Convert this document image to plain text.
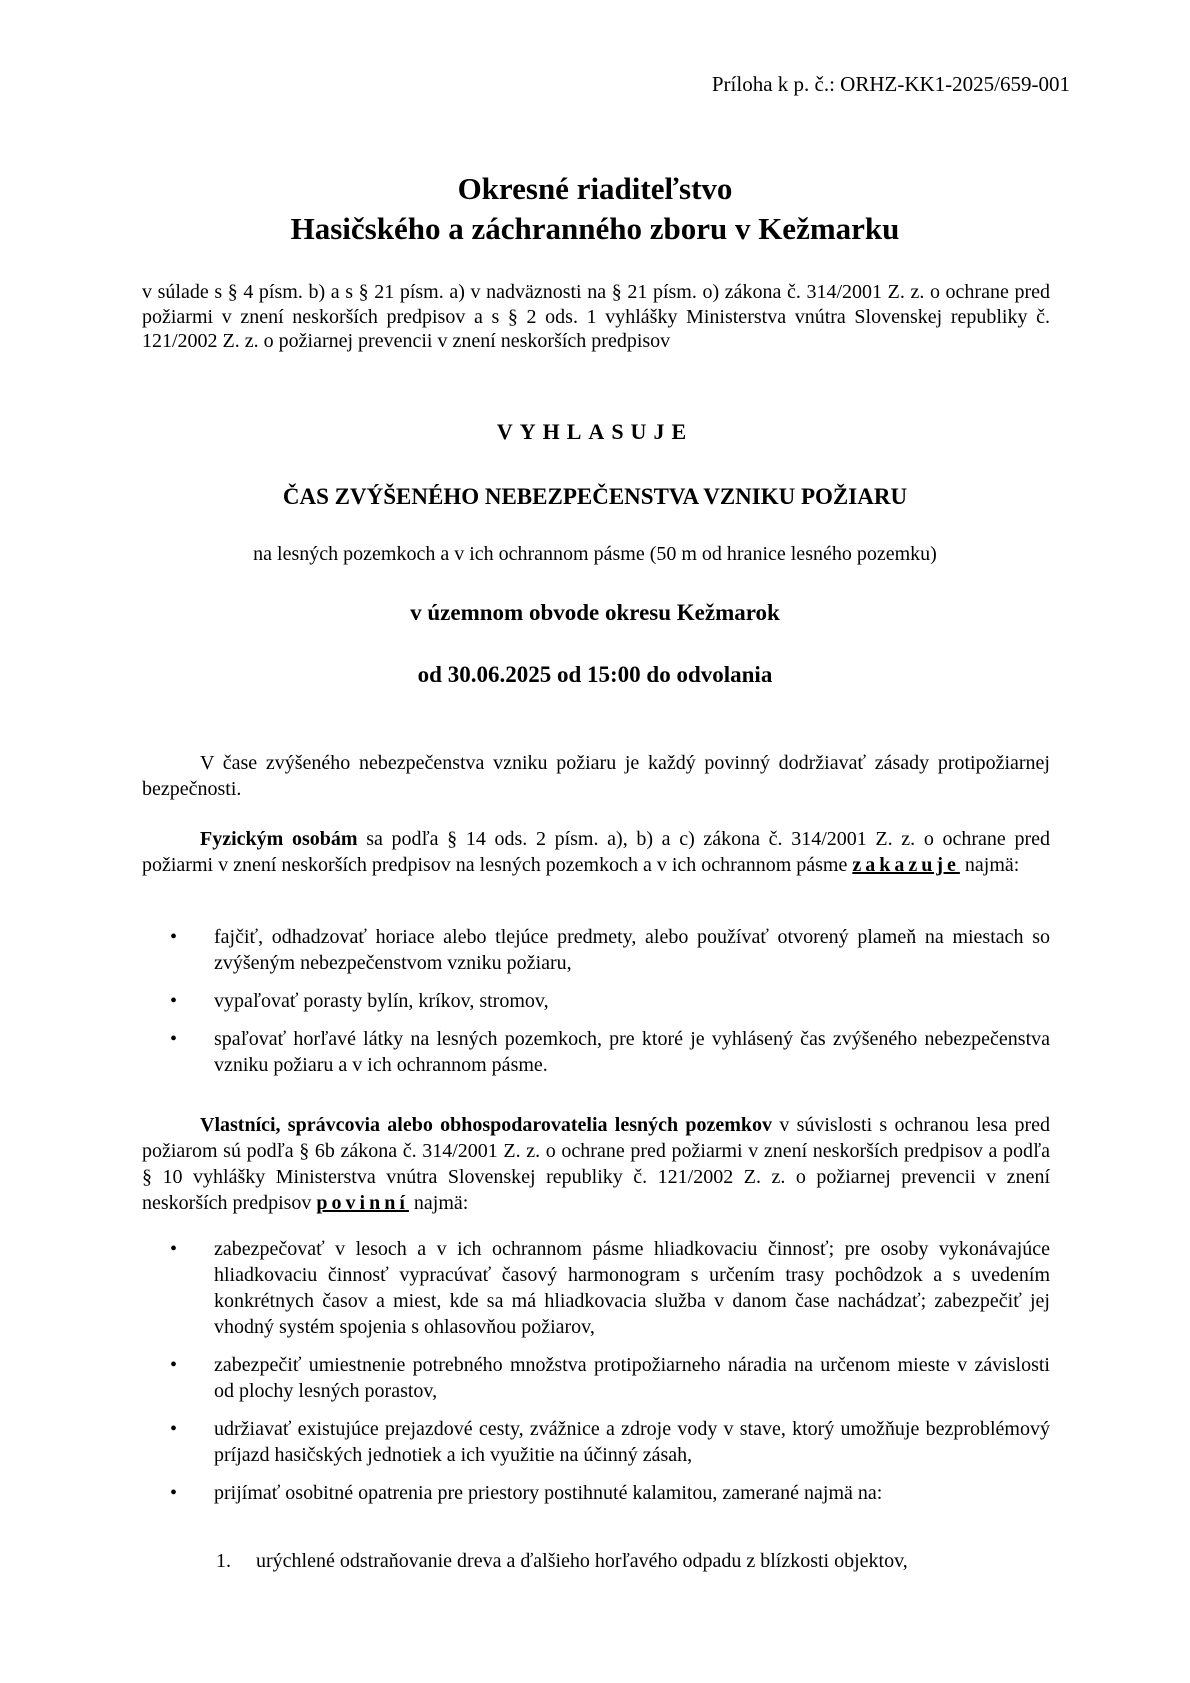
Príloha k p. č.: ORHZ-KK1-2025/659-001
Okresné riaditeľstvo
Hasičského a záchranného zboru v Kežmarku
v súlade s § 4 písm. b) a s § 21 písm. a) v nadväznosti na § 21 písm. o) zákona č. 314/2001 Z. z. o ochrane pred požiarmi v znení neskorších predpisov a s § 2 ods. 1 vyhlášky Ministerstva vnútra Slovenskej republiky č. 121/2002 Z. z. o požiarnej prevencii v znení neskorších predpisov
VYHLASUJE
ČAS ZVÝŠENÉHO NEBEZPEČENSTVA VZNIKU POŽIARU
na lesných pozemkoch a v ich ochrannom pásme (50 m od hranice lesného pozemku)
v územnom obvode okresu Kežmarok
od 30.06.2025 od 15:00 do odvolania
V čase zvýšeného nebezpečenstva vzniku požiaru je každý povinný dodržiavať zásady protipožiarnej bezpečnosti.
Fyzickým osobám sa podľa § 14 ods. 2 písm. a), b) a c) zákona č. 314/2001 Z. z. o ochrane pred požiarmi v znení neskorších predpisov na lesných pozemkoch a v ich ochrannom pásme zakazuje najmä:
• fajčiť, odhadzovať horiace alebo tlejúce predmety, alebo používať otvorený plameň na miestach so zvýšeným nebezpečenstvom vzniku požiaru,
• vypaľovať porasty bylín, kríkov, stromov,
• spaľovať horľavé látky na lesných pozemkoch, pre ktoré je vyhlásený čas zvýšeného nebezpečenstva vzniku požiaru a v ich ochrannom pásme.
Vlastníci, správcovia alebo obhospodarovatelia lesných pozemkov v súvislosti s ochranou lesa pred požiarom sú podľa § 6b zákona č. 314/2001 Z. z. o ochrane pred požiarmi v znení neskorších predpisov a podľa § 10 vyhlášky Ministerstva vnútra Slovenskej republiky č. 121/2002 Z. z. o požiarnej prevencii v znení neskorších predpisov povinní najmä:
• zabezpečovať v lesoch a v ich ochrannom pásme hliadkovaciu činnosť; pre osoby vykonávajúce hliadkovaciu činnosť vypracúvať časový harmonogram s určením trasy pochôdzok a s uvedením konkrétnych časov a miest, kde sa má hliadkovacia služba v danom čase nachádzať; zabezpečiť jej vhodný systém spojenia s ohlasovňou požiarov,
• zabezpečiť umiestnenie potrebného množstva protipožiarneho náradia na určenom mieste v závislosti od plochy lesných porastov,
• udržiavať existujúce prejazdové cesty, zvážnice a zdroje vody v stave, ktorý umožňuje bezproblémový príjazd hasičských jednotiek a ich využitie na účinný zásah,
• prijímať osobitné opatrenia pre priestory postihnuté kalamitou, zamerané najmä na:
1. urýchlené odstraňovanie dreva a ďalšieho horľavého odpadu z blízkosti objektov,
